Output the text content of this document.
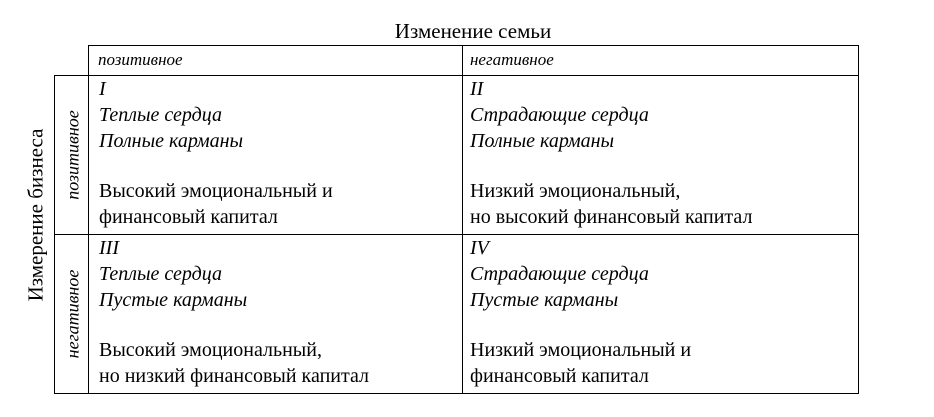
Изменение семьи
позитивное	негативное
Измерение бизнеса позитивное
негативное
I
Теплые сердца
Полные карманы
Высокий эмоциональный и
финансовый капитал
II
Страдающие сердца
Полные карманы
Низкий эмоциональный,
но высокий финансовый капитал
III
Теплые сердца
Пустые карманы
Высокий эмоциональный,
но низкий финансовый капитал
IV
Страдающие сердца
Пустые карманы
Низкий эмоциональный и
финансовый капитал
